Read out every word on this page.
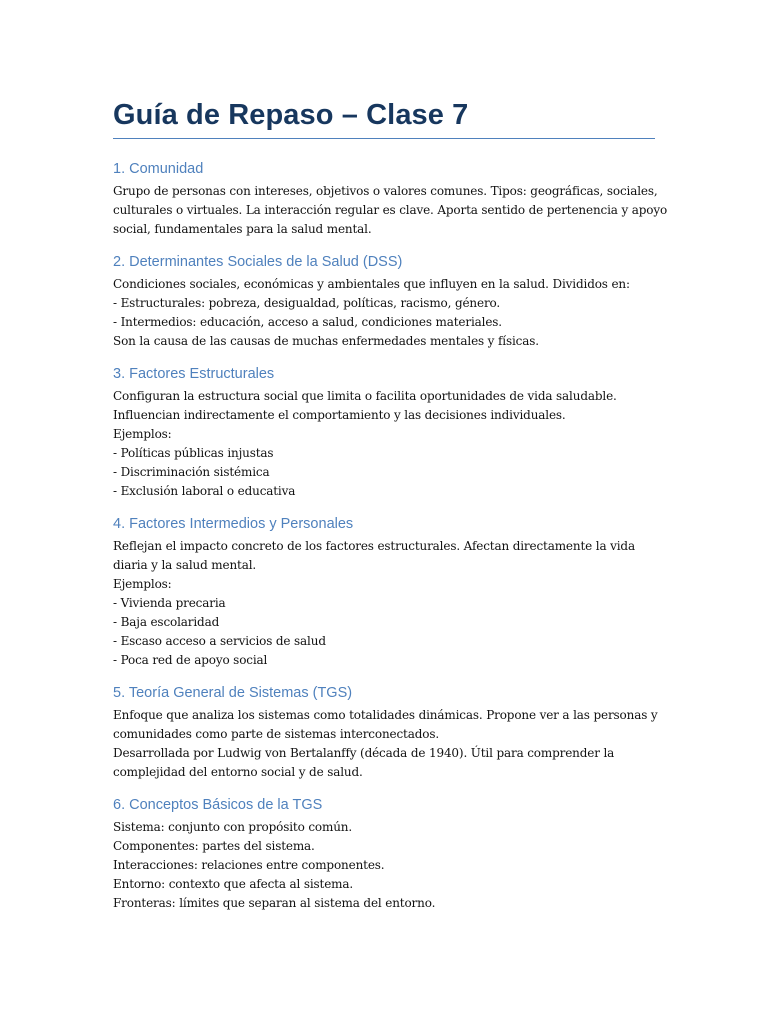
Guía de Repaso – Clase 7
1. Comunidad

Grupo de personas con intereses, objetivos o valores comunes. Tipos: geográficas, sociales,

culturales o virtuales. La interacción regular es clave. Aporta sentido de pertenencia y apoyo

social, fundamentales para la salud mental.

2. Determinantes Sociales de la Salud (DSS)

Condiciones sociales, económicas y ambientales que influyen en la salud. Divididos en:

- Estructurales: pobreza, desigualdad, políticas, racismo, género.

- Intermedios: educación, acceso a salud, condiciones materiales.

Son la causa de las causas de muchas enfermedades mentales y físicas.

3. Factores Estructurales

Configuran la estructura social que limita o facilita oportunidades de vida saludable.

Influencian indirectamente el comportamiento y las decisiones individuales.

Ejemplos:

- Políticas públicas injustas

- Discriminación sistémica

- Exclusión laboral o educativa

4. Factores Intermedios y Personales

Reflejan el impacto concreto de los factores estructurales. Afectan directamente la vida

diaria y la salud mental.

Ejemplos:

- Vivienda precaria

- Baja escolaridad

- Escaso acceso a servicios de salud

- Poca red de apoyo social

5. Teoría General de Sistemas (TGS)

Enfoque que analiza los sistemas como totalidades dinámicas. Propone ver a las personas y

comunidades como parte de sistemas interconectados.

Desarrollada por Ludwig von Bertalanffy (década de 1940). Útil para comprender la

complejidad del entorno social y de salud.

6. Conceptos Básicos de la TGS

Sistema: conjunto con propósito común.

Componentes: partes del sistema.

Interacciones: relaciones entre componentes.

Entorno: contexto que afecta al sistema.

Fronteras: límites que separan al sistema del entorno.
